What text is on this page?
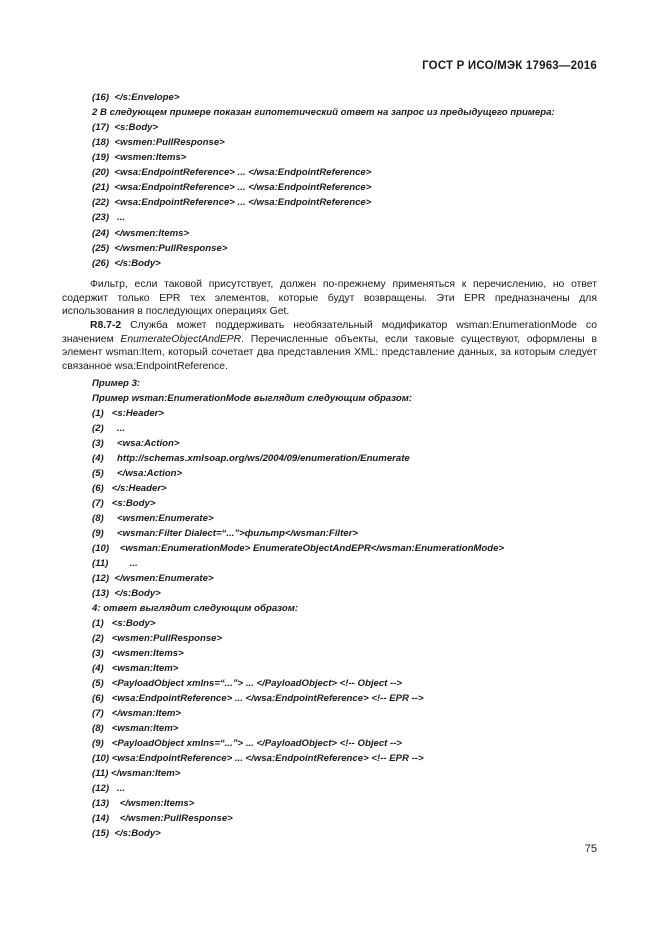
ГОСТ Р ИСО/МЭК 17963—2016
(16)  </s:Envelope>
2 В следующем примере показан гипотетический ответ на запрос из предыдущего примера:
(17)  <s:Body>
(18)  <wsmen:PullResponse>
(19)  <wsmen:Items>
(20)  <wsa:EndpointReference> ... </wsa:EndpointReference>
(21)  <wsa:EndpointReference> ... </wsa:EndpointReference>
(22)  <wsa:EndpointReference> ... </wsa:EndpointReference>
(23)   ...
(24)  </wsmen:Items>
(25)  </wsmen:PullResponse>
(26)  </s:Body>
Фильтр, если таковой присутствует, должен по-прежнему применяться к перечислению, но ответ содержит только EPR тех элементов, которые будут возвращены. Эти EPR предназначены для использования в последующих операциях Get.
R8.7-2 Служба может поддерживать необязательный модификатор wsman:EnumerationMode со значением EnumerateObjectAndEPR. Перечисленные объекты, если таковые существуют, оформлены в элемент wsman:Item, который сочетает два представления XML: представление данных, за которым следует связанное wsa:EndpointReference.
Пример 3:
Пример wsman:EnumerationMode выглядит следующим образом:
(1)   <s:Header>
(2)     ...
(3)     <wsa:Action>
(4)     http://schemas.xmlsoap.org/ws/2004/09/enumeration/Enumerate
(5)     </wsa:Action>
(6)   </s:Header>
(7)   <s:Body>
(8)     <wsmen:Enumerate>
(9)     <wsman:Filter Dialect=“...”>фильтр</wsman:Filter>
(10)    <wsman:EnumerationMode> EnumerateObjectAndEPR</wsman:EnumerationMode>
(11)        ...
(12)  </wsmen:Enumerate>
(13)  </s:Body>
4: ответ выглядит следующим образом:
(1)   <s:Body>
(2)   <wsmen:PullResponse>
(3)   <wsmen:Items>
(4)   <wsman:Item>
(5)   <PayloadObject xmlns=“...”> ... </PayloadObject> <!-- Object -->
(6)   <wsa:EndpointReference> ... </wsa:EndpointReference> <!-- EPR -->
(7)   </wsman:Item>
(8)   <wsman:Item>
(9)   <PayloadObject xmlns=“...”> ... </PayloadObject> <!-- Object -->
(10) <wsa:EndpointReference> ... </wsa:EndpointReference> <!-- EPR -->
(11) </wsman:Item>
(12)   ...
(13)    </wsmen:Items>
(14)    </wsmen:PullResponse>
(15)  </s:Body>
75
